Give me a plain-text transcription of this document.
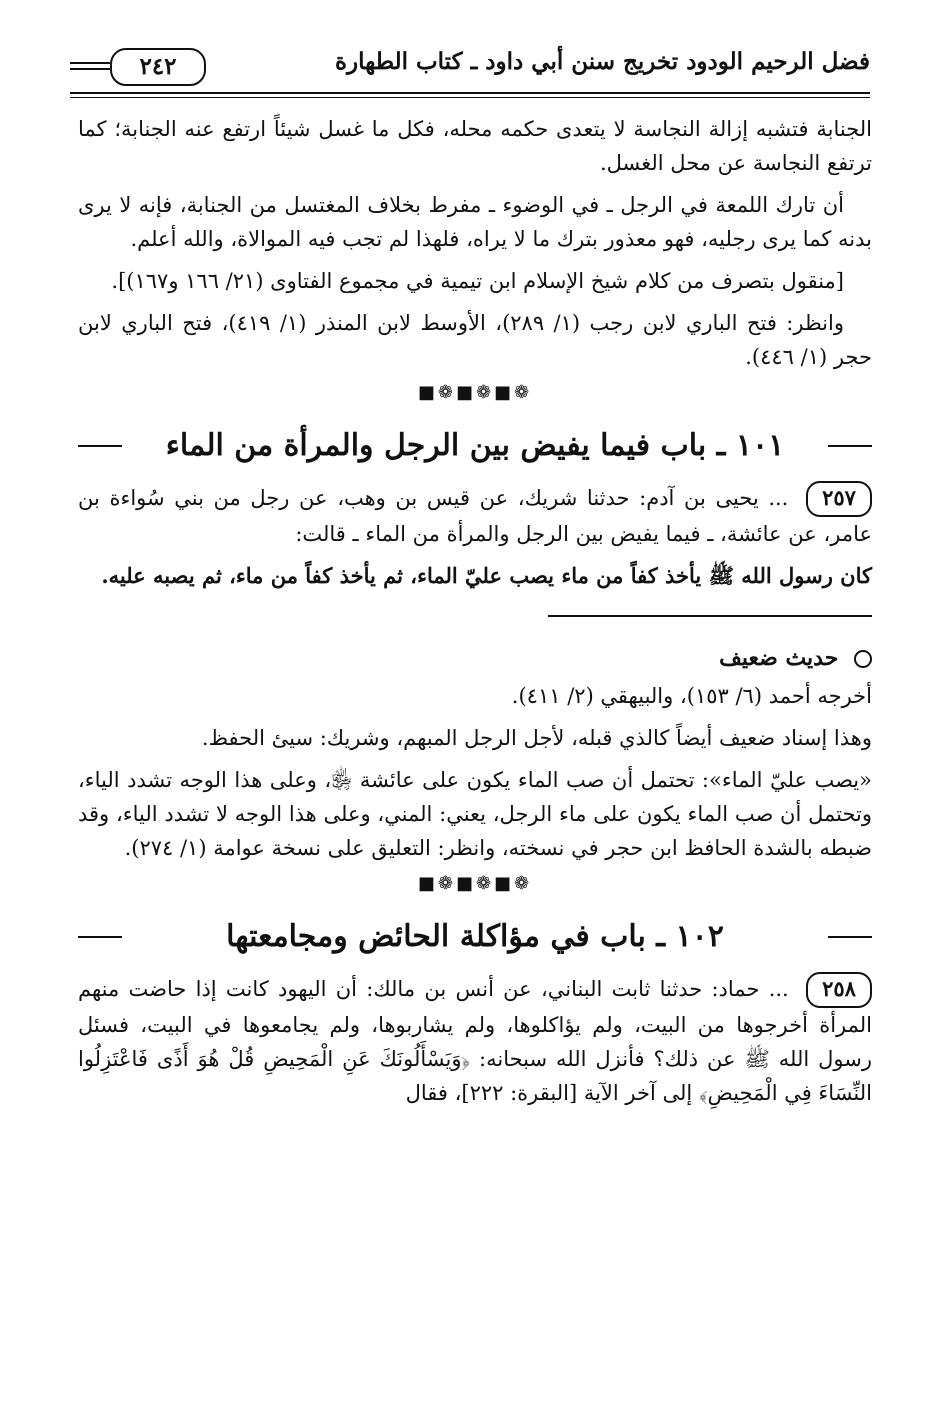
فضل الرحيم الودود تخريج سنن أبي داود ـ كتاب الطهارة
٢٤٢

الجنابة فتشبه إزالة النجاسة لا يتعدى حكمه محله، فكل ما غسل شيئاً ارتفع عنه الجنابة؛ كما ترتفع النجاسة عن محل الغسل.

أن تارك اللمعة في الرجل ـ في الوضوء ـ مفرط بخلاف المغتسل من الجنابة، فإنه لا يرى بدنه كما يرى رجليه، فهو معذور بترك ما لا يراه، فلهذا لم تجب فيه الموالاة، والله أعلم.

[منقول بتصرف من كلام شيخ الإسلام ابن تيمية في مجموع الفتاوى (٢١/ ١٦٦ و١٦٧)].

وانظر: فتح الباري لابن رجب (١/ ٢٨٩)، الأوسط لابن المنذر (١/ ٤١٩)، فتح الباري لابن حجر (١/ ٤٤٦).

❁■❁■❁■
١٠١ ـ باب فيما يفيض بين الرجل والمرأة من الماء

٢٥٧ ... يحيى بن آدم: حدثنا شريك، عن قيس بن وهب، عن رجل من بني سُواءة بن عامر، عن عائشة، ـ فيما يفيض بين الرجل والمرأة من الماء ـ قالت:

كان رسول الله ﷺ يأخذ كفاً من ماء يصب عليّ الماء، ثم يأخذ كفاً من ماء، ثم يصبه عليه.

حديث ضعيف

أخرجه أحمد (٦/ ١٥٣)، والبيهقي (٢/ ٤١١).

وهذا إسناد ضعيف أيضاً كالذي قبله، لأجل الرجل المبهم، وشريك: سيئ الحفظ.

«يصب عليّ الماء»: تحتمل أن صب الماء يكون على عائشة ﵂، وعلى هذا الوجه تشدد الياء، وتحتمل أن صب الماء يكون على ماء الرجل، يعني: المني، وعلى هذا الوجه لا تشدد الياء، وقد ضبطه بالشدة الحافظ ابن حجر في نسخته، وانظر: التعليق على نسخة عوامة (١/ ٢٧٤).

❁■❁■❁■
١٠٢ ـ باب في مؤاكلة الحائض ومجامعتها

٢٥٨ ... حماد: حدثنا ثابت البناني، عن أنس بن مالك: أن اليهود كانت إذا حاضت منهم المرأة أخرجوها من البيت، ولم يؤاكلوها، ولم يشاربوها، ولم يجامعوها في البيت، فسئل رسول الله ﷺ عن ذلك؟ فأنزل الله سبحانه: ﴿وَيَسْأَلُونَكَ عَنِ الْمَحِيضِ قُلْ هُوَ أَذًى فَاعْتَزِلُوا النِّسَاءَ فِي الْمَحِيضِ﴾ إلى آخر الآية [البقرة: ٢٢٢]، فقال
